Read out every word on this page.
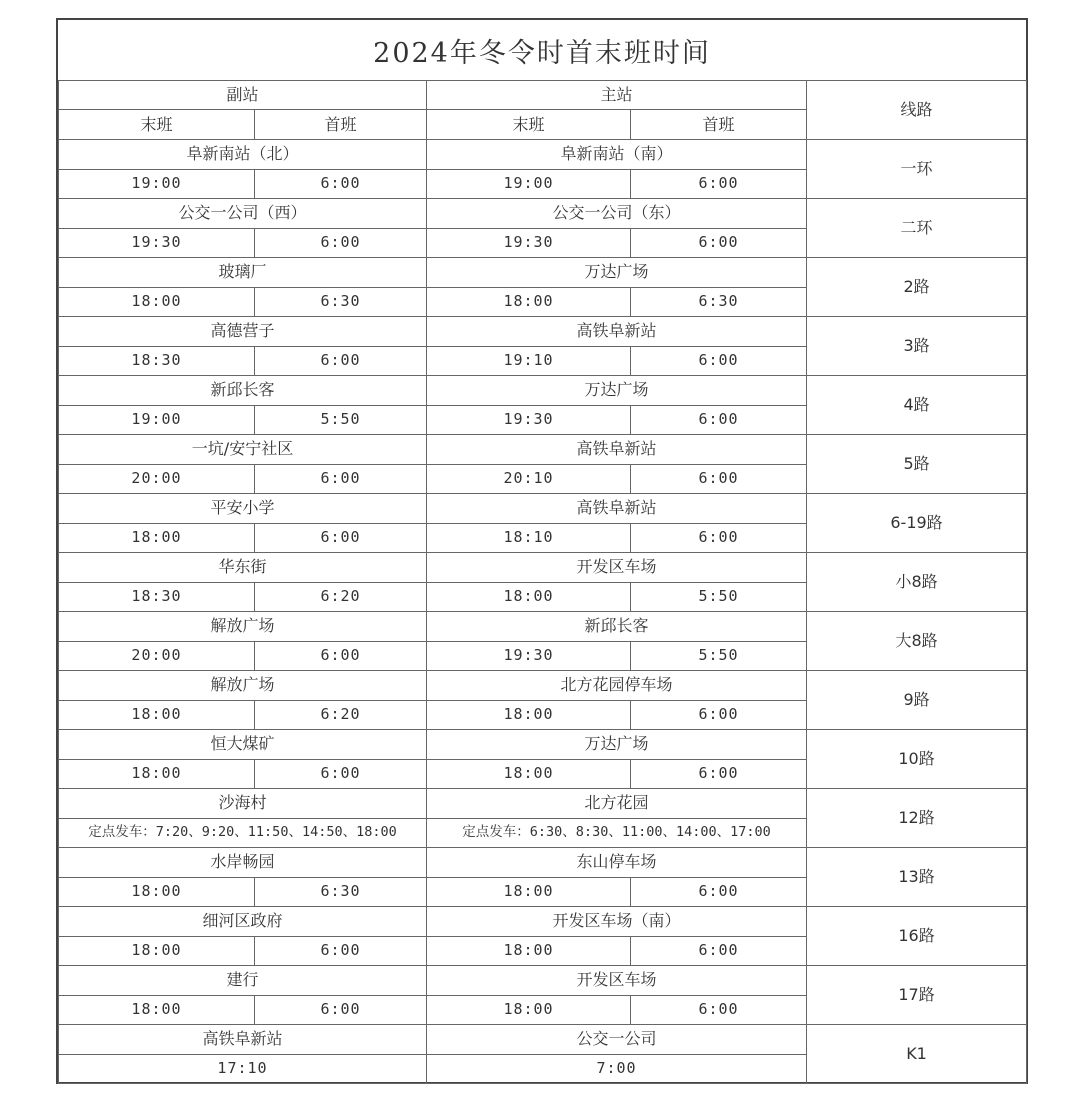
2024年冬令时首末班时间
副站		主站		线路
末班	首班	末班	首班	
阜新南站（北）		阜新南站（南）		一环
19:00	6:00	19:00	6:00	
公交一公司（西）		公交一公司（东）		二环
19:30	6:00	19:30	6:00	
玻璃厂		万达广场		2路
18:00	6:30	18:00	6:30	
高德营子		高铁阜新站		3路
18:30	6:00	19:10	6:00	
新邱长客		万达广场		4路
19:00	5:50	19:30	6:00	
一坑/安宁社区		高铁阜新站		5路
20:00	6:00	20:10	6:00	
平安小学		高铁阜新站		6-19路
18:00	6:00	18:10	6:00	
华东街		开发区车场		小8路
18:30	6:20	18:00	5:50	
解放广场		新邱长客		大8路
20:00	6:00	19:30	5:50	
解放广场		北方花园停车场		9路
18:00	6:20	18:00	6:00	
恒大煤矿		万达广场		10路
18:00	6:00	18:00	6:00	
沙海村		北方花园		12路
定点发车：7:20、9:20、11:50、14:50、18:00		定点发车：6:30、8:30、11:00、14:00、17:00		
水岸畅园		东山停车场		13路
18:00	6:30	18:00	6:00	
细河区政府		开发区车场（南）		16路
18:00	6:00	18:00	6:00	
建行		开发区车场		17路
18:00	6:00	18:00	6:00	
高铁阜新站		公交一公司		K1
17:10		7:00		
